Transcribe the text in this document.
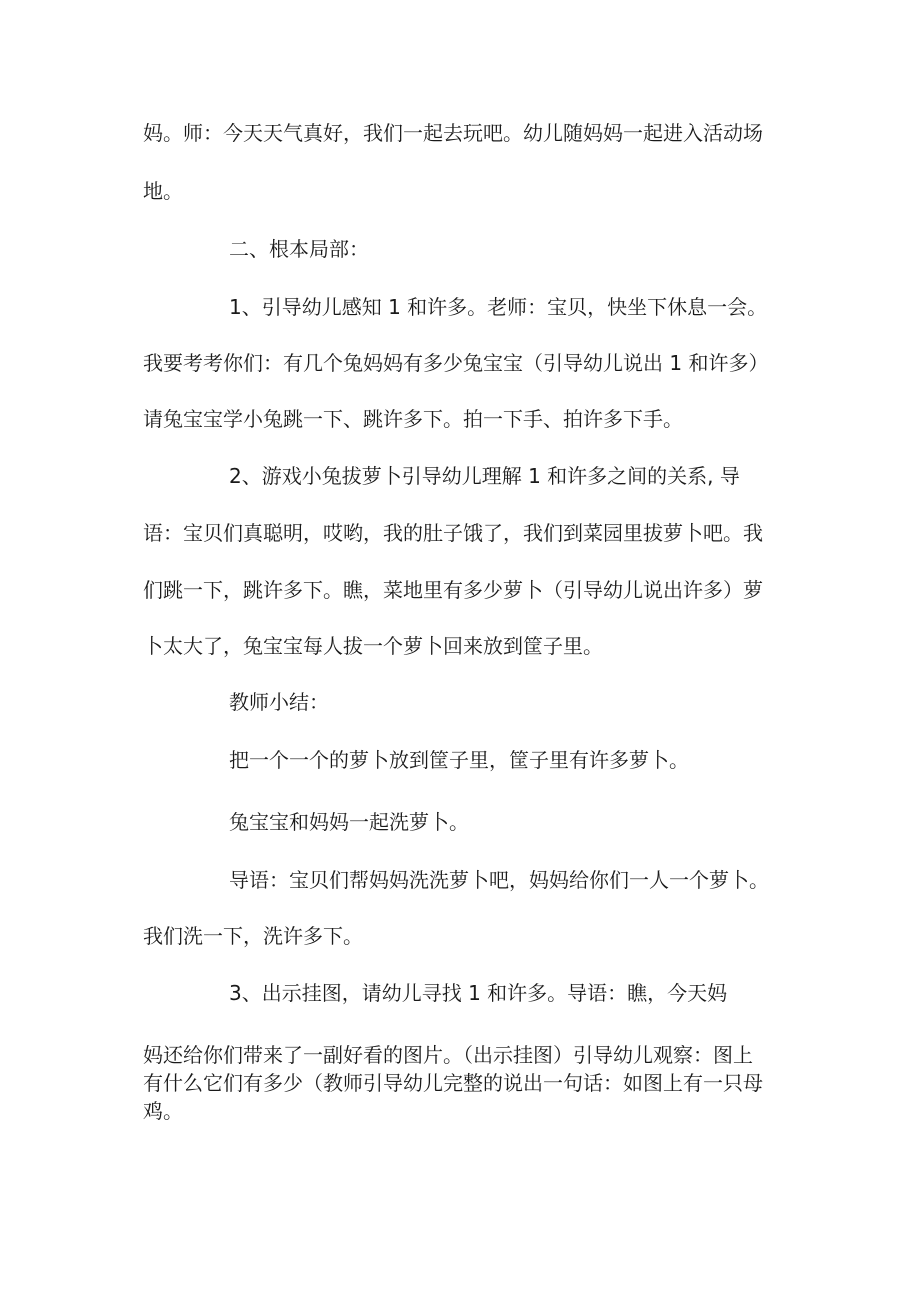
妈。师：今天天气真好，我们一起去玩吧。幼儿随妈妈一起进入活动场

地。

二、根本局部：

1、引导幼儿感知 1 和许多。老师：宝贝，快坐下休息一会。

我要考考你们：有几个兔妈妈有多少兔宝宝（引导幼儿说出 1 和许多）

请兔宝宝学小兔跳一下、跳许多下。拍一下手、拍许多下手。

2、游戏小兔拔萝卜引导幼儿理解 1 和许多之间的关系, 导

语：宝贝们真聪明，哎哟，我的肚子饿了，我们到菜园里拔萝卜吧。我

们跳一下，跳许多下。瞧，菜地里有多少萝卜（引导幼儿说出许多）萝

卜太大了，兔宝宝每人拔一个萝卜回来放到筐子里。

教师小结：

把一个一个的萝卜放到筐子里，筐子里有许多萝卜。

兔宝宝和妈妈一起洗萝卜。

导语：宝贝们帮妈妈洗洗萝卜吧，妈妈给你们一人一个萝卜。

我们洗一下，洗许多下。

3、出示挂图，请幼儿寻找 1 和许多。导语：瞧，今天妈

妈还给你们带来了一副好看的图片。（出示挂图）引导幼儿观察：图上

有什么它们有多少（教师引导幼儿完整的说出一句话：如图上有一只母

鸡。
